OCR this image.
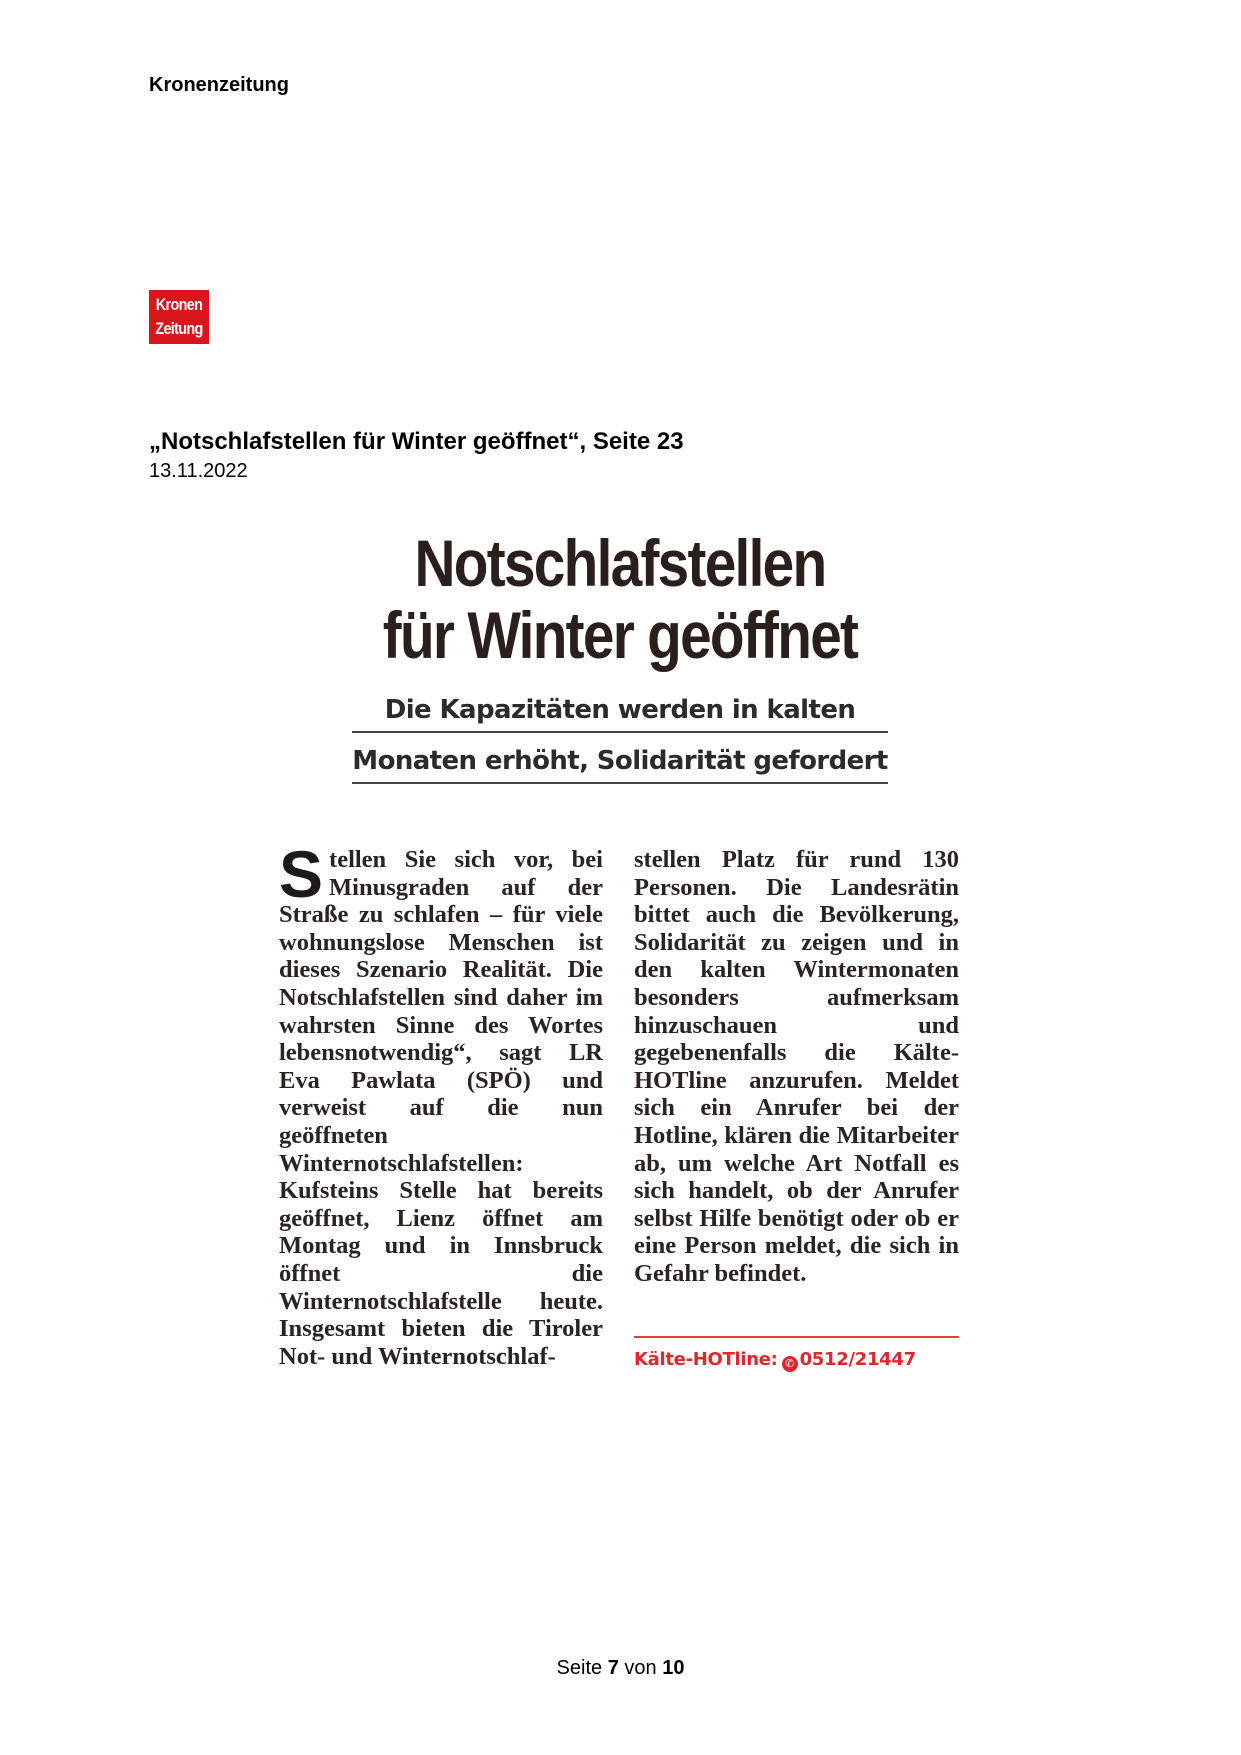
Kronenzeitung
Kronen
Zeitung
„Notschlafstellen für Winter geöffnet“, Seite 23
13.11.2022
Notschlafstellen
für Winter geöffnet
Die Kapazitäten werden in kalten
Monaten erhöht, Solidarität gefordert
S tellen Sie sich vor, bei Minusgraden auf der Straße zu schlafen – für viele wohnungslose Menschen ist dieses Szenario Realität. Die Notschlafstellen sind daher im wahrsten Sinne des Wortes lebensnotwendig“, sagt LR Eva Pawlata (SPÖ) und verweist auf die nun geöffneten Winternotschlafstellen: Kufsteins Stelle hat bereits geöffnet, Lienz öffnet am Montag und in Innsbruck öffnet die Winternotschlafstelle heute. Insgesamt bieten die Tiroler Not- und Winternotschlaf-

stellen Platz für rund 130 Personen. Die Landesrätin bittet auch die Bevölkerung, Solidarität zu zeigen und in den kalten Wintermonaten besonders aufmerksam hinzuschauen und gegebenenfalls die Kälte-HOTline anzurufen. Meldet sich ein Anrufer bei der Hotline, klären die Mitarbeiter ab, um welche Art Notfall es sich handelt, ob der Anrufer selbst Hilfe benötigt oder ob er eine Person meldet, die sich in Gefahr befindet.

Kälte-HOTline: ✆ 0512/21447
Seite 7 von 10
